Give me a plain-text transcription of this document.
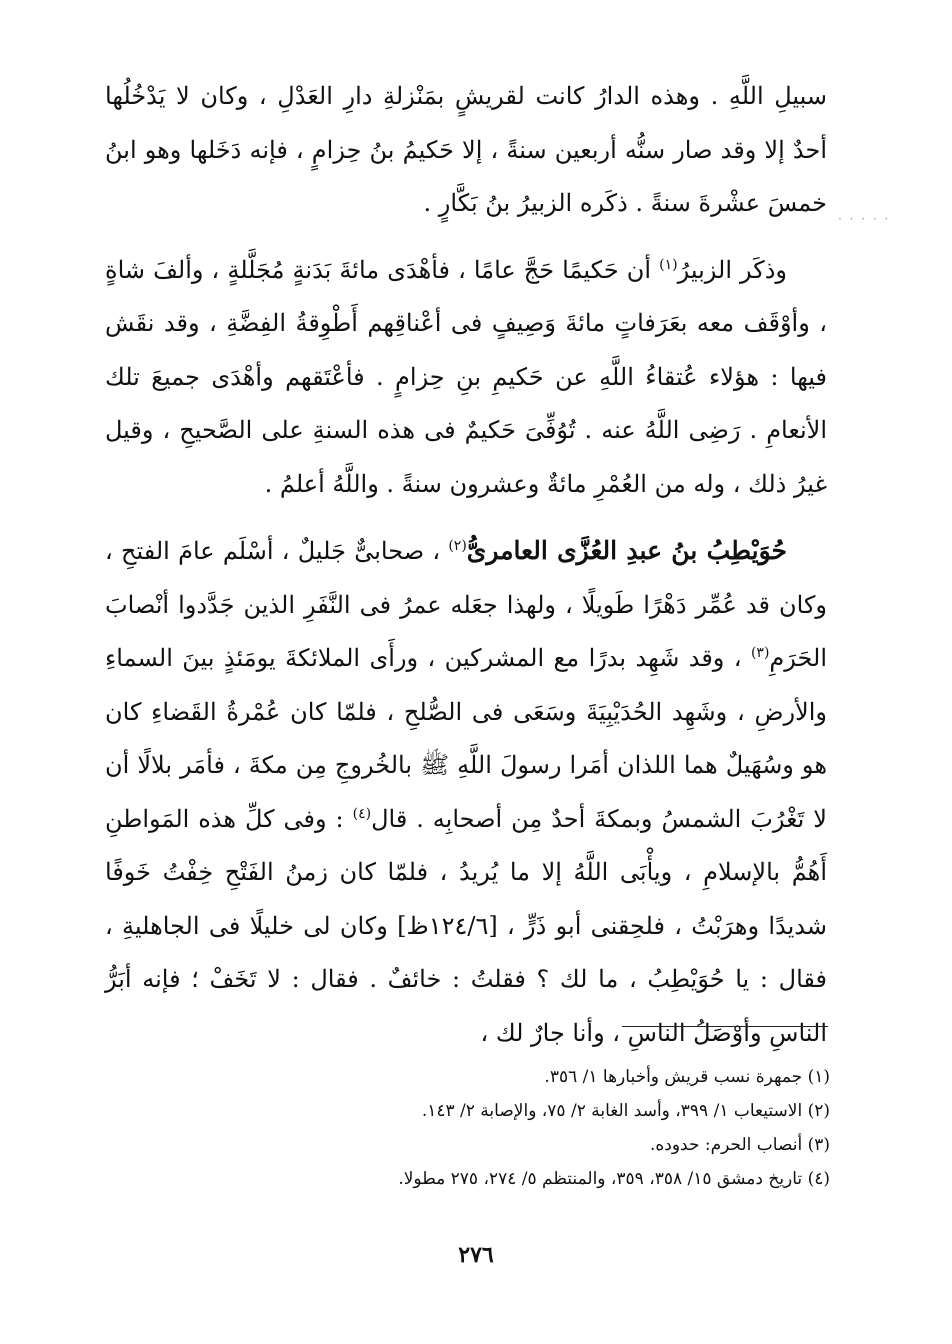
سبيلِ اللَّهِ . وهذه الدارُ كانت لقريشٍ بمَنْزلةِ دارِ العَدْلِ ، وكان لا يَدْخُلُها أحدٌ إلا وقد صار سنُّه أربعين سنةً ، إلا حَكيمُ بنُ حِزامٍ ، فإنه دَخَلها وهو ابنُ خمسَ عشْرةَ سنةً . ذكَره الزبيرُ بنُ بَكَّارٍ .

وذكَر الزبيرُ$^{(١)}$ أن حَكيمًا حَجَّ عامًا ، فأهْدَى مائةَ بَدَنةٍ مُجَلَّلةٍ ، وألفَ شاةٍ ، وأوْقَف معه بعَرَفاتٍ مائةَ وَصِيفٍ فى أعْناقِهم أَطْوِقةُ الفِضَّةِ ، وقد نقَش فيها : هؤلاء عُتقاءُ اللَّهِ عن حَكيمِ بنِ حِزامٍ . فأعْتَقهم وأهْدَى جميعَ تلك الأنعامِ . رَضِى اللَّهُ عنه . تُوُفِّىَ حَكيمٌ فى هذه السنةِ على الصَّحيحِ ، وقيل غيرُ ذلك ، وله من العُمْرِ مائةٌ وعشرون سنةً . واللَّهُ أعلمُ .

حُوَيْطِبُ بنُ عبدِ العُزَّى العامرىُّ$^{(٢)}$ ، صحابىٌّ جَليلٌ ، أسْلَم عامَ الفتحِ ، وكان قد عُمِّر دَهْرًا طَويلًا ، ولهذا جعَله عمرُ فى النَّفَرِ الذين جَدَّدوا أنْصابَ الحَرَمِ$^{(٣)}$ ، وقد شَهِد بدرًا مع المشركين ، ورأَى الملائكةَ يومَئذٍ بينَ السماءِ والأرضِ ، وشَهِد الحُدَيْبِيَةَ وسَعَى فى الصُّلحِ ، فلمّا كان عُمْرةُ القَضاءِ كان هو وسُهَيلٌ هما اللذان أمَرا رسولَ اللَّهِ ﷺ بالخُروجِ مِن مكةَ ، فأمَر بلالًا أن لا تَغْرُبَ الشمسُ وبمكةَ أحدٌ مِن أصحابِه . قال$^{(٤)}$ : وفى كلِّ هذه المَواطنِ أَهُمُّ بالإسلامِ ، ويأْبَى اللَّهُ إلا ما يُريدُ ، فلمّا كان زمنُ الفَتْحِ خِفْتُ خَوفًا شديدًا وهرَبْتُ ، فلحِقنى أبو ذَرٍّ ، [١٢٤/٦ظ] وكان لى خليلًا فى الجاهليةِ ، فقال : يا حُوَيْطِبُ ، ما لك ؟ فقلتُ : خائفٌ . فقال : لا تَخَفْ ؛ فإنه أبَرُّ الناسِ وأوْصَلُ الناسِ ، وأنا جارٌ لك ،

· · · · ·
(١) جمهرة نسب قريش وأخبارها ١/ ٣٥٦.
(٢) الاستيعاب ١/ ٣٩٩، وأسد الغابة ٢/ ٧٥، والإصابة ٢/ ١٤٣.
(٣) أنصاب الحرم: حدوده.
(٤) تاريخ دمشق ١٥/ ٣٥٨، ٣٥٩، والمنتظم ٥/ ٢٧٤، ٢٧٥ مطولا.
٢٧٦
